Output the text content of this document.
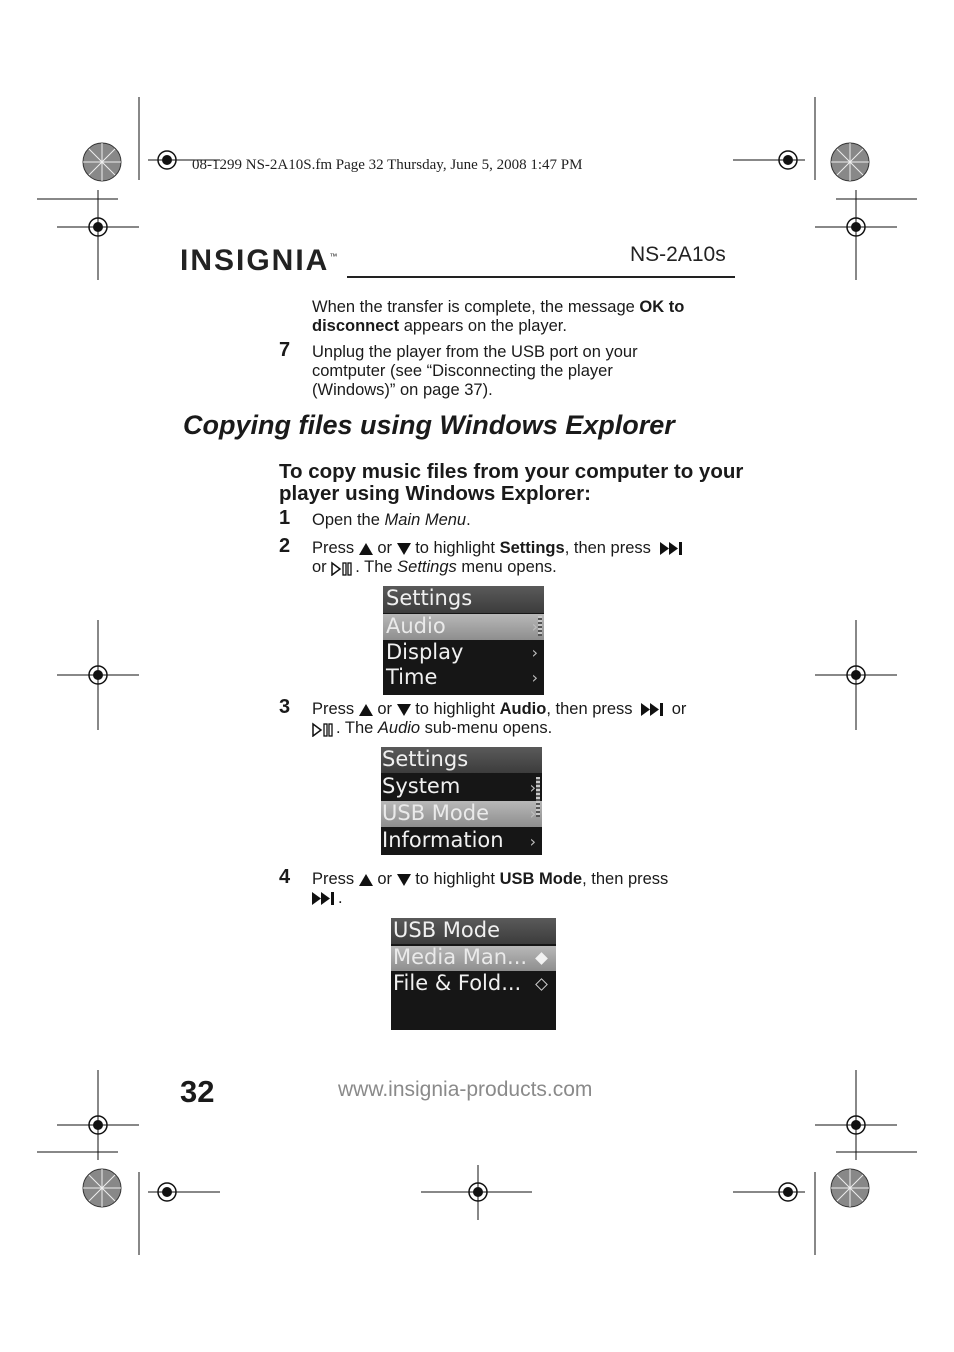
08-1299 NS-2A10S.fm Page 32 Thursday, June 5, 2008 1:47 PM
INSIGNIA™	NS-2A10s
When the transfer is complete, the message OK to
disconnect appears on the player.
7 Unplug the player from the USB port on your comtputer (see “Disconnecting the player (Windows)” on page 37).
Copying files using Windows Explorer
To copy music files from your computer to your player using Windows Explorer:
1 Open the Main Menu.
2 Press  or  to highlight Settings, then press
or . The Settings menu opens.
Settings
Audio	›
Display	›
Time	›
3 Press  or  to highlight Audio, then press  or
. The Audio sub-menu opens.
Settings
System	›
USB Mode	›
Information ›
4 Press  or  to highlight USB Mode, then press
.
USB Mode
Media Man...
File & Fold...
32	www.insignia-products.com
